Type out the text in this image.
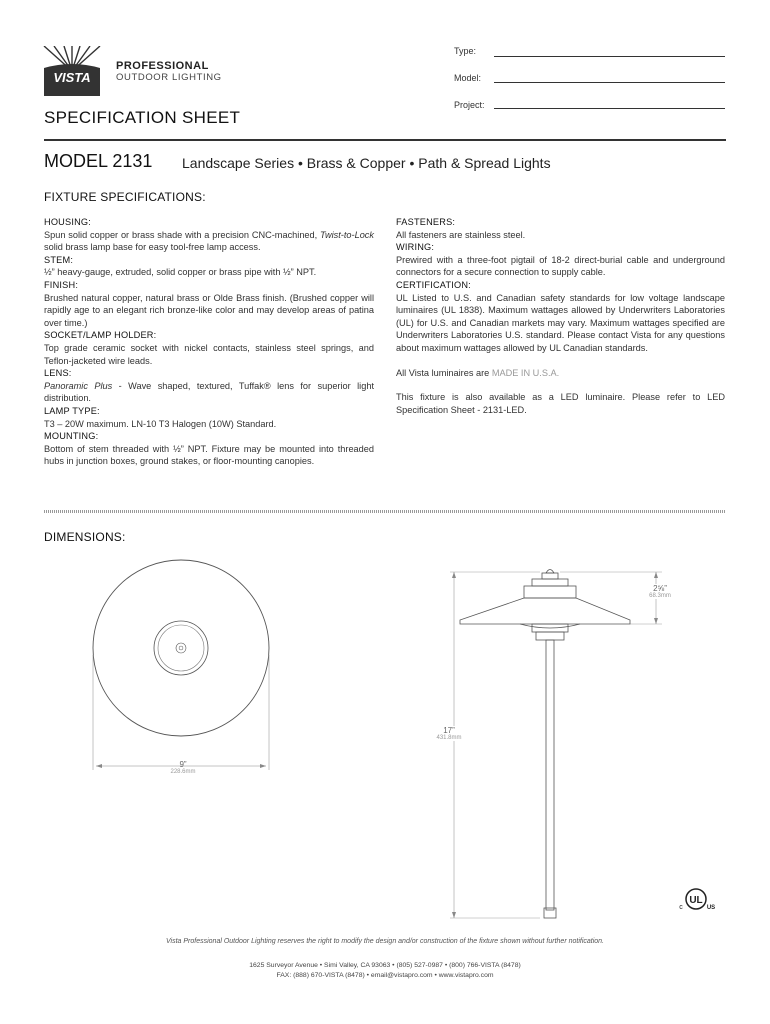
VISTA
PROFESSIONAL
OUTDOOR LIGHTING
Type:
Model:
Project:
SPECIFICATION SHEET
MODEL 2131 Landscape Series • Brass & Copper • Path & Spread Lights
FIXTURE SPECIFICATIONS:

HOUSING:

Spun solid copper or brass shade with a precision CNC-machined, Twist-to-Lock solid brass lamp base for easy tool-free lamp access.

STEM:

½” heavy-gauge, extruded, solid copper or brass pipe with ½” NPT.

FINISH:

Brushed natural copper, natural brass or Olde Brass finish. (Brushed copper will rapidly age to an elegant rich bronze-like color and may develop areas of patina over time.)

SOCKET/LAMP HOLDER:

Top grade ceramic socket with nickel contacts, stainless steel springs, and Teflon-jacketed wire leads.

LENS:

Panoramic Plus - Wave shaped, textured, Tuffak® lens for superior light distribution.

LAMP TYPE:

T3 – 20W maximum. LN-10 T3 Halogen (10W) Standard.

MOUNTING:

Bottom of stem threaded with ½” NPT. Fixture may be mounted into threaded hubs in junction boxes, ground stakes, or floor-mounting canopies.

FASTENERS:

All fasteners are stainless steel.

WIRING:

Prewired with a three-foot pigtail of 18-2 direct-burial cable and underground connectors for a secure connection to supply cable.

CERTIFICATION:

UL Listed to U.S. and Canadian safety standards for low voltage landscape luminaires (UL 1838). Maximum wattages allowed by Underwriters Laboratories (UL) for U.S. and Canadian markets may vary. Maximum wattages specified are Underwriters Laboratories U.S. standard. Please contact Vista for any questions about maximum wattages allowed by UL Canadian standards.

All Vista luminaires are MADE IN U.S.A.

This fixture is also available as a LED luminaire. Please refer to LED Specification Sheet - 2131-LED.

DIMENSIONS:
9”
228.6mm
17”
431.8mm
2⅝”
68.3mm
UL
c	US
Vista Professional Outdoor Lighting reserves the right to modify the design and/or construction of the fixture shown without further notification.
1625 Surveyor Avenue • Simi Valley, CA 93063 • (805) 527-0987 • (800) 766-VISTA (8478)
FAX: (888) 670-VISTA (8478) • email@vistapro.com • www.vistapro.com
